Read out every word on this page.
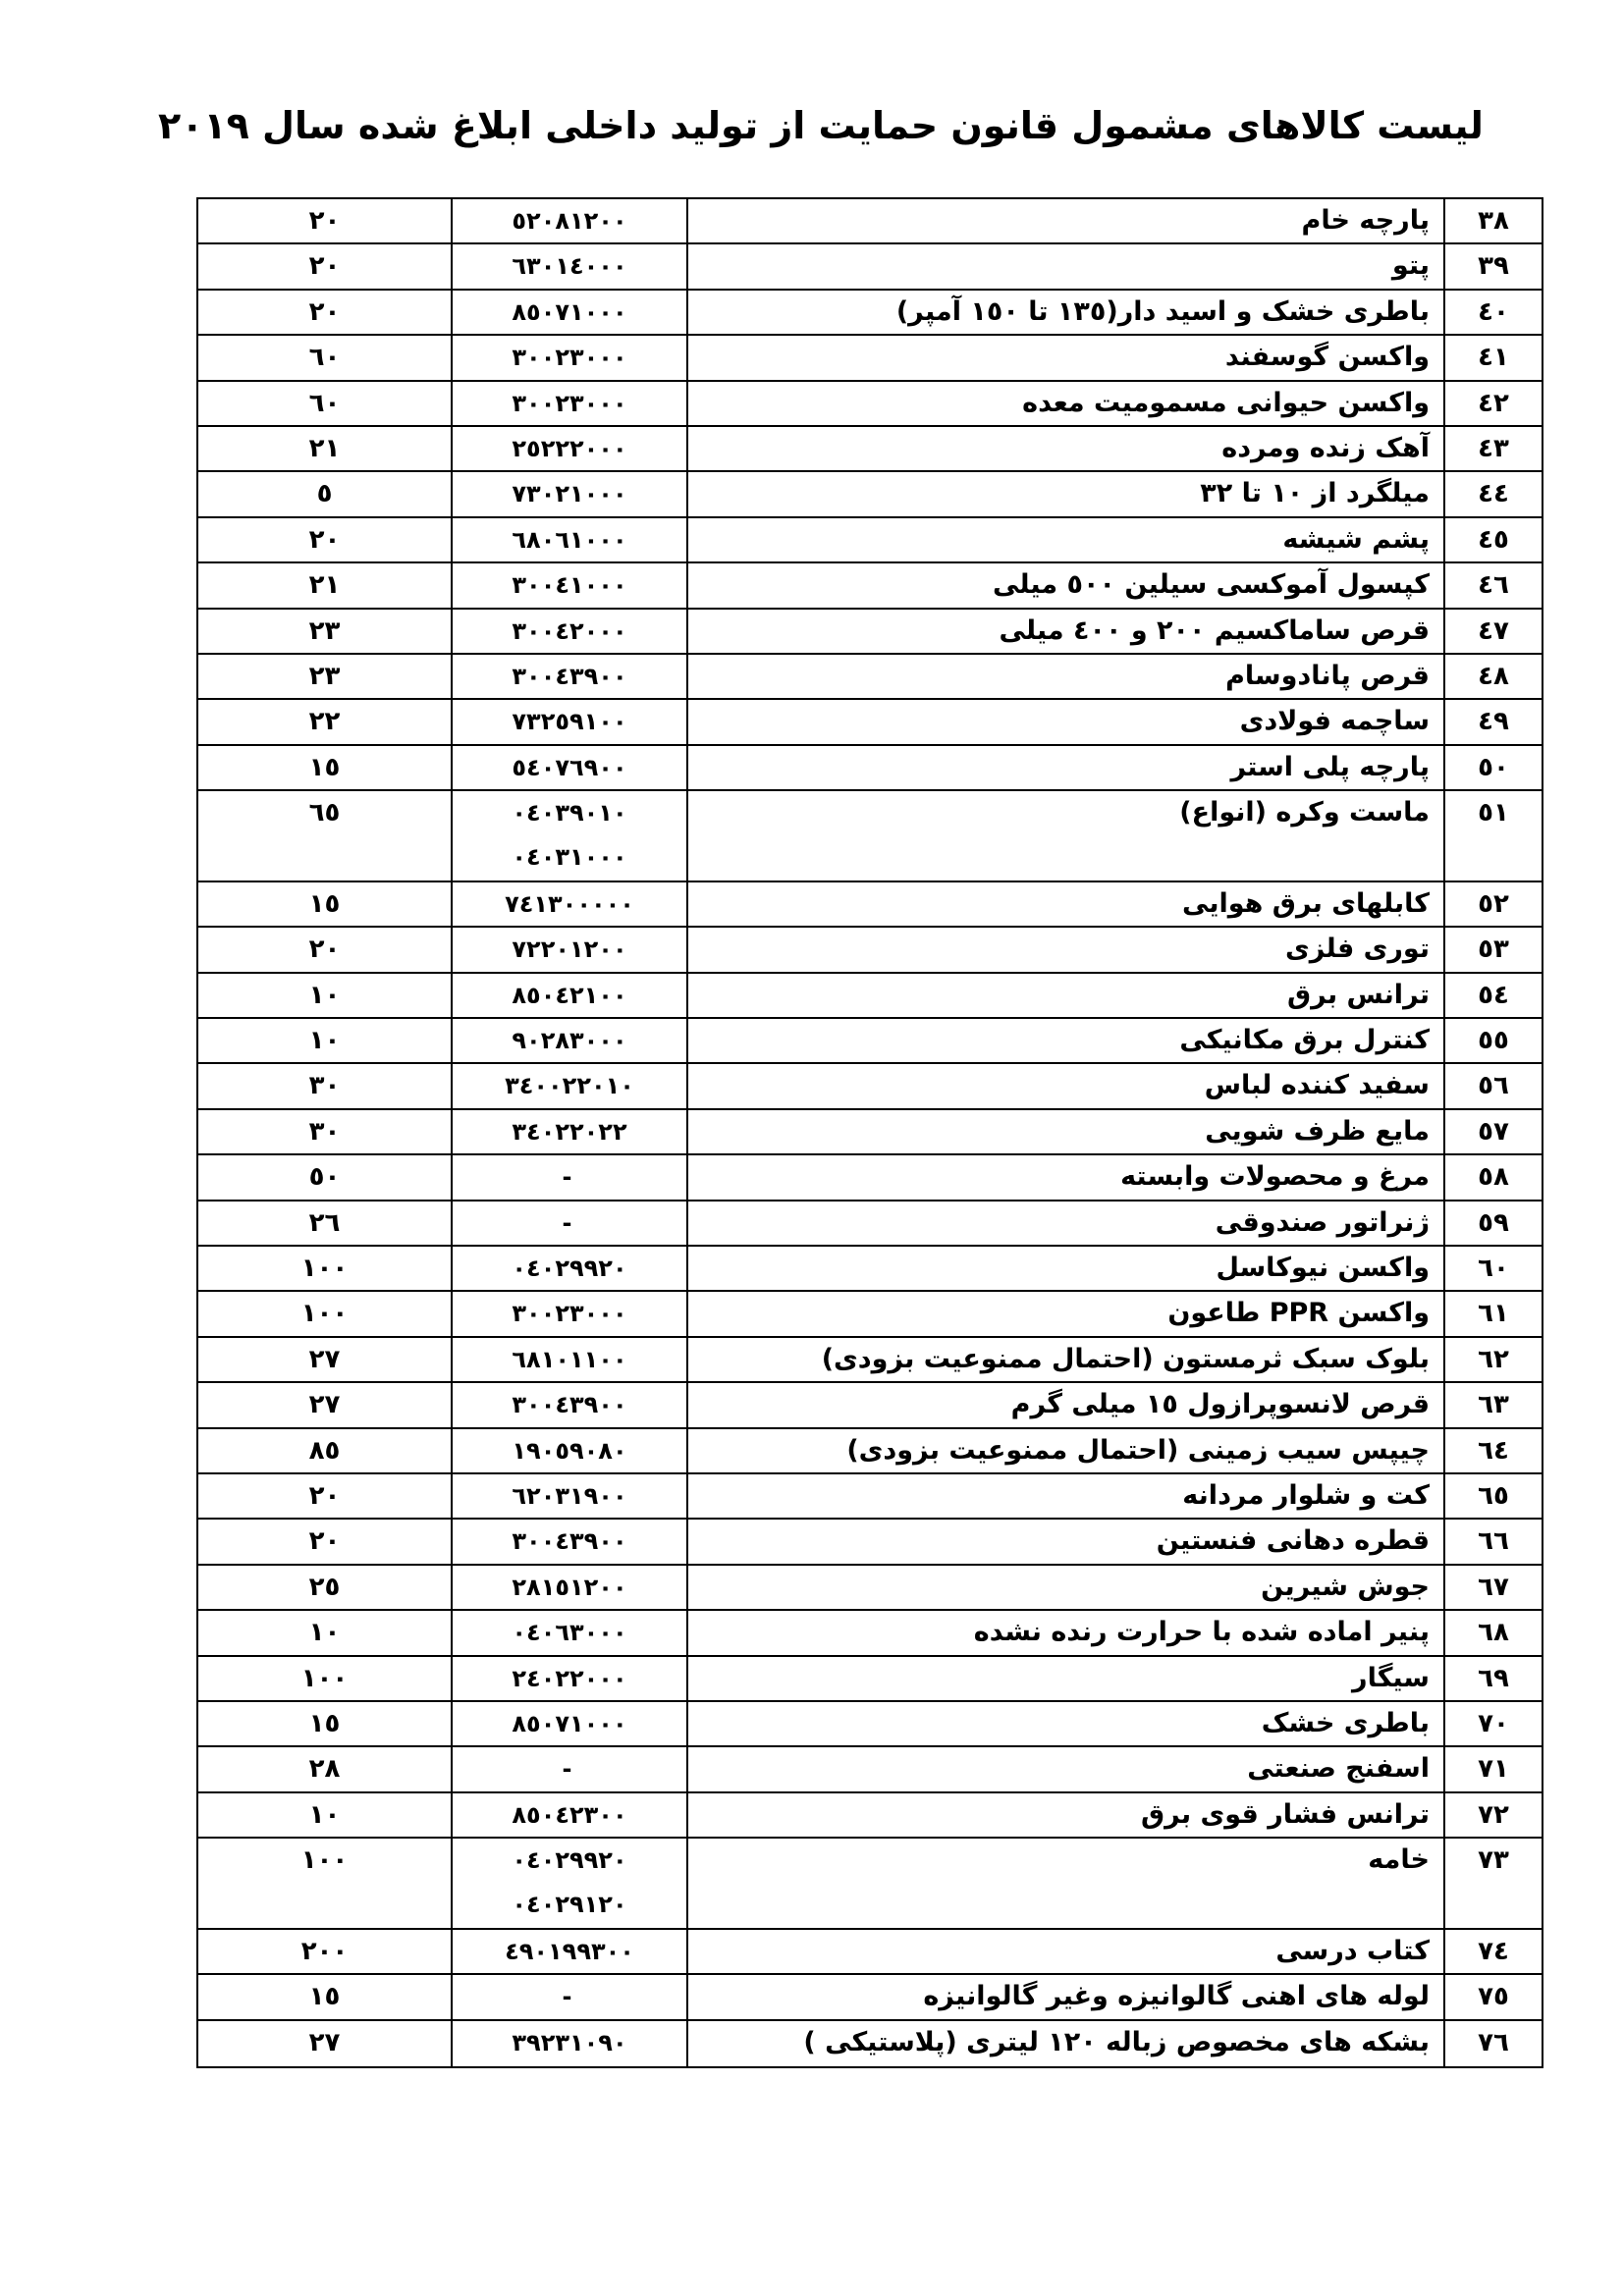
لیست کالاهای مشمول قانون حمایت از تولید داخلی ابلاغ شده سال ٢٠١٩
٣٨
پارچه خام
٥٢٠٨١٢٠٠
٢٠
٣٩
پتو
٦٣٠١٤٠٠٠
٢٠
٤٠
باطری خشک و اسید دار(١٣٥ تا ١٥٠ آمپر)
٨٥٠٧١٠٠٠
٢٠
٤١
واکسن گوسفند
٣٠٠٢٣٠٠٠
٦٠
٤٢
واکسن حیوانی مسمومیت معده
٣٠٠٢٣٠٠٠
٦٠
٤٣
آهک زنده ومرده
٢٥٢٢٢٠٠٠
٢١
٤٤
میلگرد از ١٠ تا ٣٢
٧٣٠٢١٠٠٠
٥
٤٥
پشم شیشه
٦٨٠٦١٠٠٠
٢٠
٤٦
کپسول آموکسی سیلین ٥٠٠ میلی
٣٠٠٤١٠٠٠
٢١
٤٧
قرص ساماکسیم ٢٠٠ و ٤٠٠ میلی
٣٠٠٤٢٠٠٠
٢٣
٤٨
قرص پانادوسام
٣٠٠٤٣٩٠٠
٢٣
٤٩
ساچمه فولادی
٧٣٢٥٩١٠٠
٢٢
٥٠
پارچه پلی استر
٥٤٠٧٦٩٠٠
١٥
٥١
ماست وکره (انواع)
٠٤٠٣٩٠١٠
٠٤٠٣١٠٠٠
٦٥
٥٢
کابلهای برق هوایی
٧٤١٣٠٠٠٠٠
١٥
٥٣
توری فلزی
٧٢٢٠١٢٠٠
٢٠
٥٤
ترانس برق
٨٥٠٤٢١٠٠
١٠
٥٥
کنترل برق مکانیکی
٩٠٢٨٣٠٠٠
١٠
٥٦
سفید کننده لباس
٣٤٠٠٢٢٠١٠
٣٠
٥٧
مایع ظرف شویی
٣٤٠٢٢٠٢٢
٣٠
٥٨
مرغ و محصولات وابسته
-
٥٠
٥٩
ژنراتور صندوقی
-
٢٦
٦٠
واکسن نیوکاسل
٠٤٠٢٩٩٢٠
١٠٠
٦١
واکسن PPR طاعون
٣٠٠٢٣٠٠٠
١٠٠
٦٢
بلوک سبک ثرمستون (احتمال ممنوعیت بزودی)
٦٨١٠١١٠٠
٢٧
٦٣
قرص لانسوپرازول ١٥ میلی گرم
٣٠٠٤٣٩٠٠
٢٧
٦٤
چیپس سیب زمینی (احتمال ممنوعیت بزودی)
١٩٠٥٩٠٨٠
٨٥
٦٥
کت و شلوار مردانه
٦٢٠٣١٩٠٠
٢٠
٦٦
قطره دهانی فنستین
٣٠٠٤٣٩٠٠
٢٠
٦٧
جوش شیرین
٢٨١٥١٢٠٠
٢٥
٦٨
پنیر اماده شده با حرارت رنده نشده
٠٤٠٦٣٠٠٠
١٠
٦٩
سیگار
٢٤٠٢٢٠٠٠
١٠٠
٧٠
باطری خشک
٨٥٠٧١٠٠٠
١٥
٧١
اسفنج صنعتی
-
٢٨
٧٢
ترانس فشار قوی برق
٨٥٠٤٢٣٠٠
١٠
٧٣
خامه
٠٤٠٢٩٩٢٠
٠٤٠٢٩١٢٠
١٠٠
٧٤
کتاب درسی
٤٩٠١٩٩٣٠٠
٢٠٠
٧٥
لوله های اهنی گالوانیزه وغیر گالوانیزه
-
١٥
٧٦
بشکه های مخصوص زباله ١٢٠ لیتری (پلاستیکی )
٣٩٢٣١٠٩٠
٢٧
